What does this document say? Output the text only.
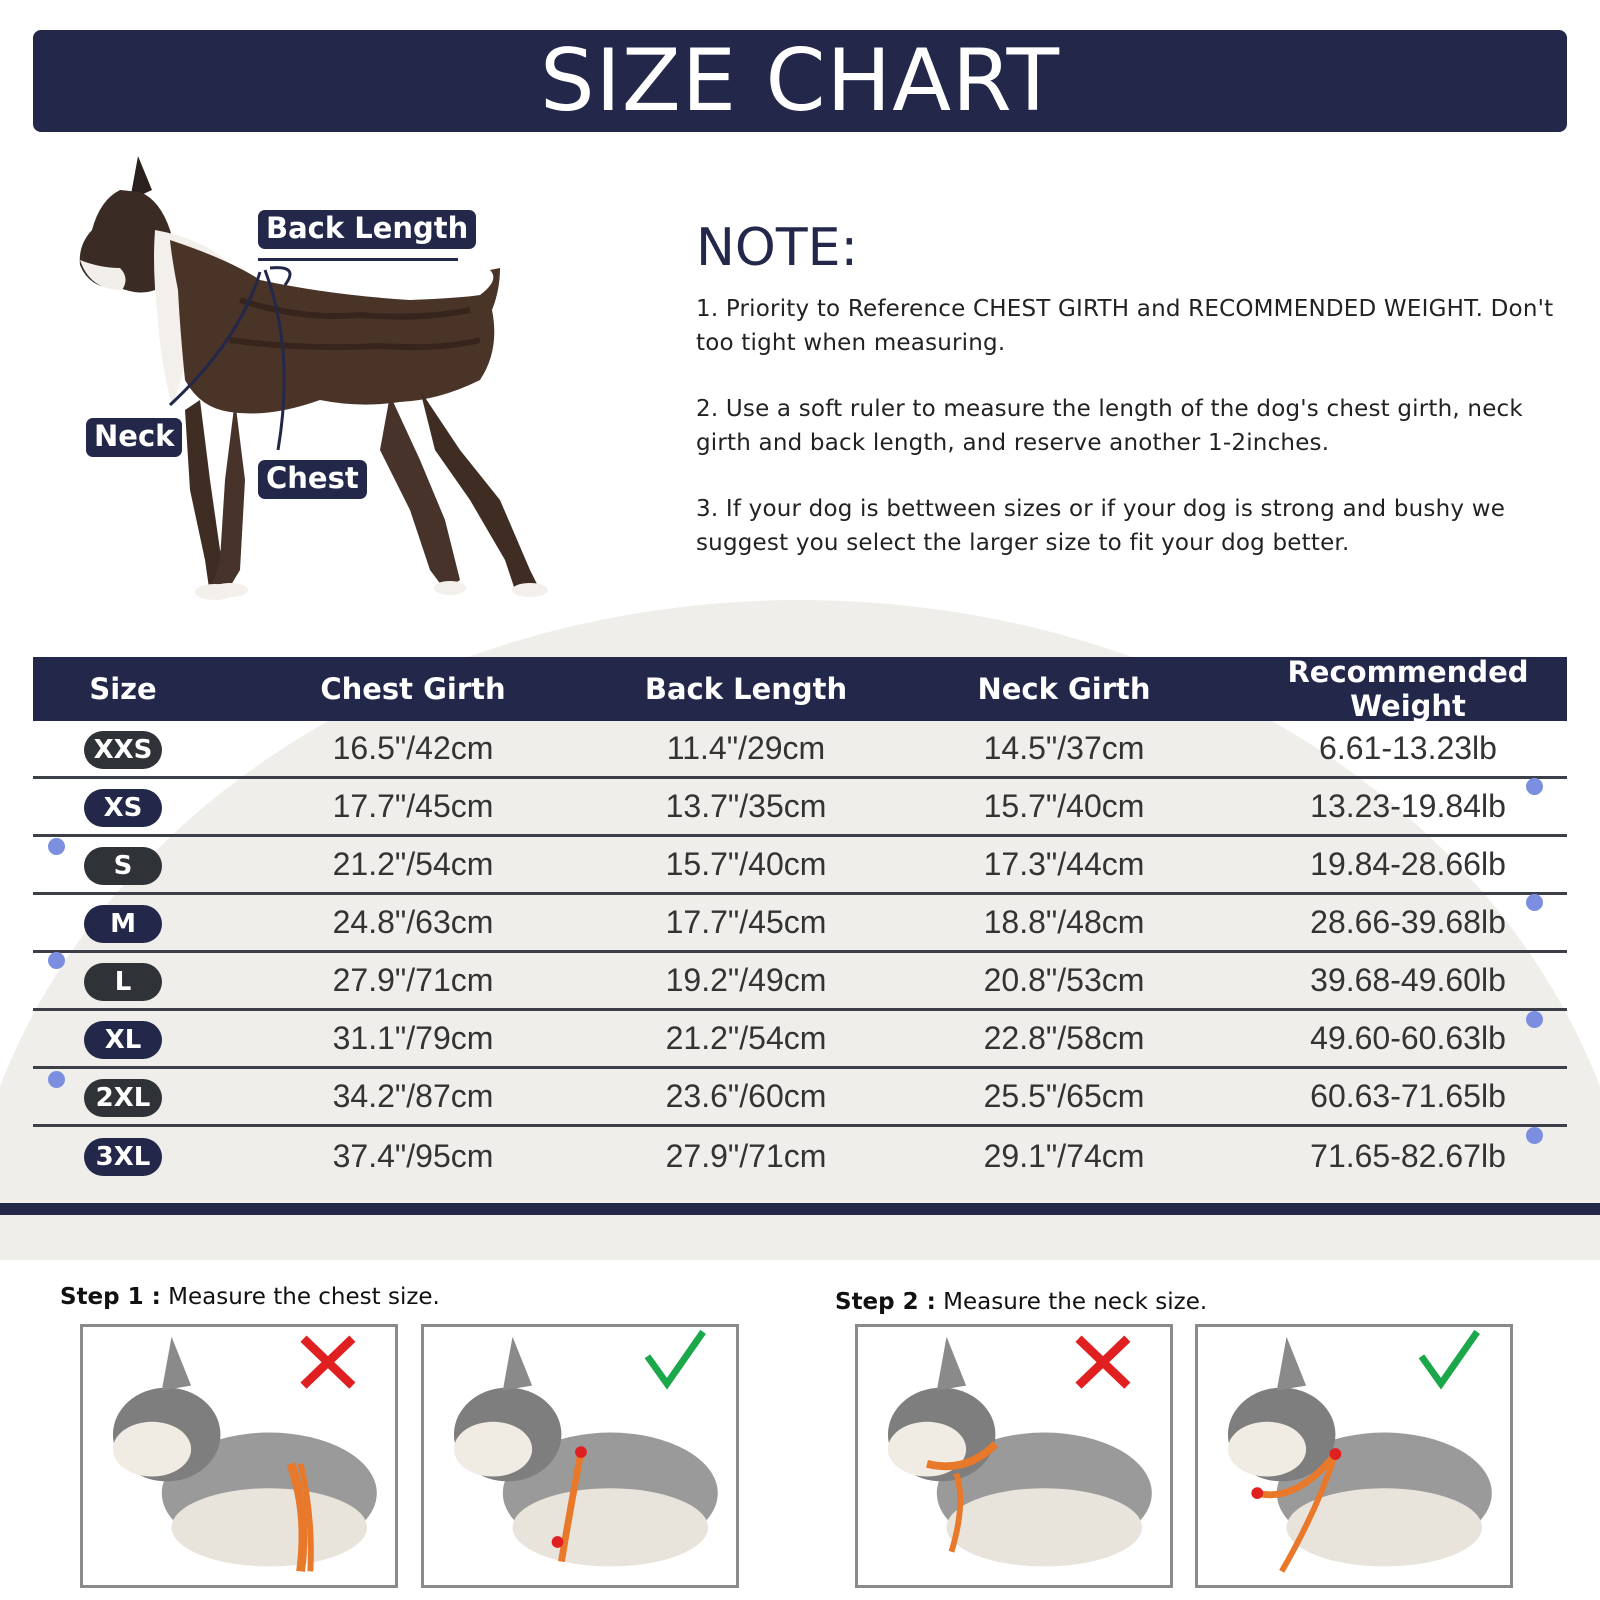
SIZE CHART
Back Length
Neck
Chest
NOTE:

1. Priority to Reference CHEST GIRTH and RECOMMENDED WEIGHT. Don't too tight when measuring.

2. Use a soft ruler to measure the length of the dog's chest girth, neck girth and back length, and reserve another 1-2inches.

3. If your dog is bettween sizes or if your dog is strong and bushy we suggest you select the larger size to fit your dog better.

Size	Chest Girth	Back Length	Neck Girth	Recommended Weight
XXS	16.5"/42cm	11.4"/29cm	14.5"/37cm	6.61-13.23lb
XS	17.7"/45cm	13.7"/35cm	15.7"/40cm	13.23-19.84lb
S	21.2"/54cm	15.7"/40cm	17.3"/44cm	19.84-28.66lb
M	24.8"/63cm	17.7"/45cm	18.8"/48cm	28.66-39.68lb
L	27.9"/71cm	19.2"/49cm	20.8"/53cm	39.68-49.60lb
XL	31.1"/79cm	21.2"/54cm	22.8"/58cm	49.60-60.63lb
2XL	34.2"/87cm	23.6"/60cm	25.5"/65cm	60.63-71.65lb
3XL	37.4"/95cm	27.9"/71cm	29.1"/74cm	71.65-82.67lb
Step 1 : Measure the chest size.	Step 2 : Measure the neck size.
